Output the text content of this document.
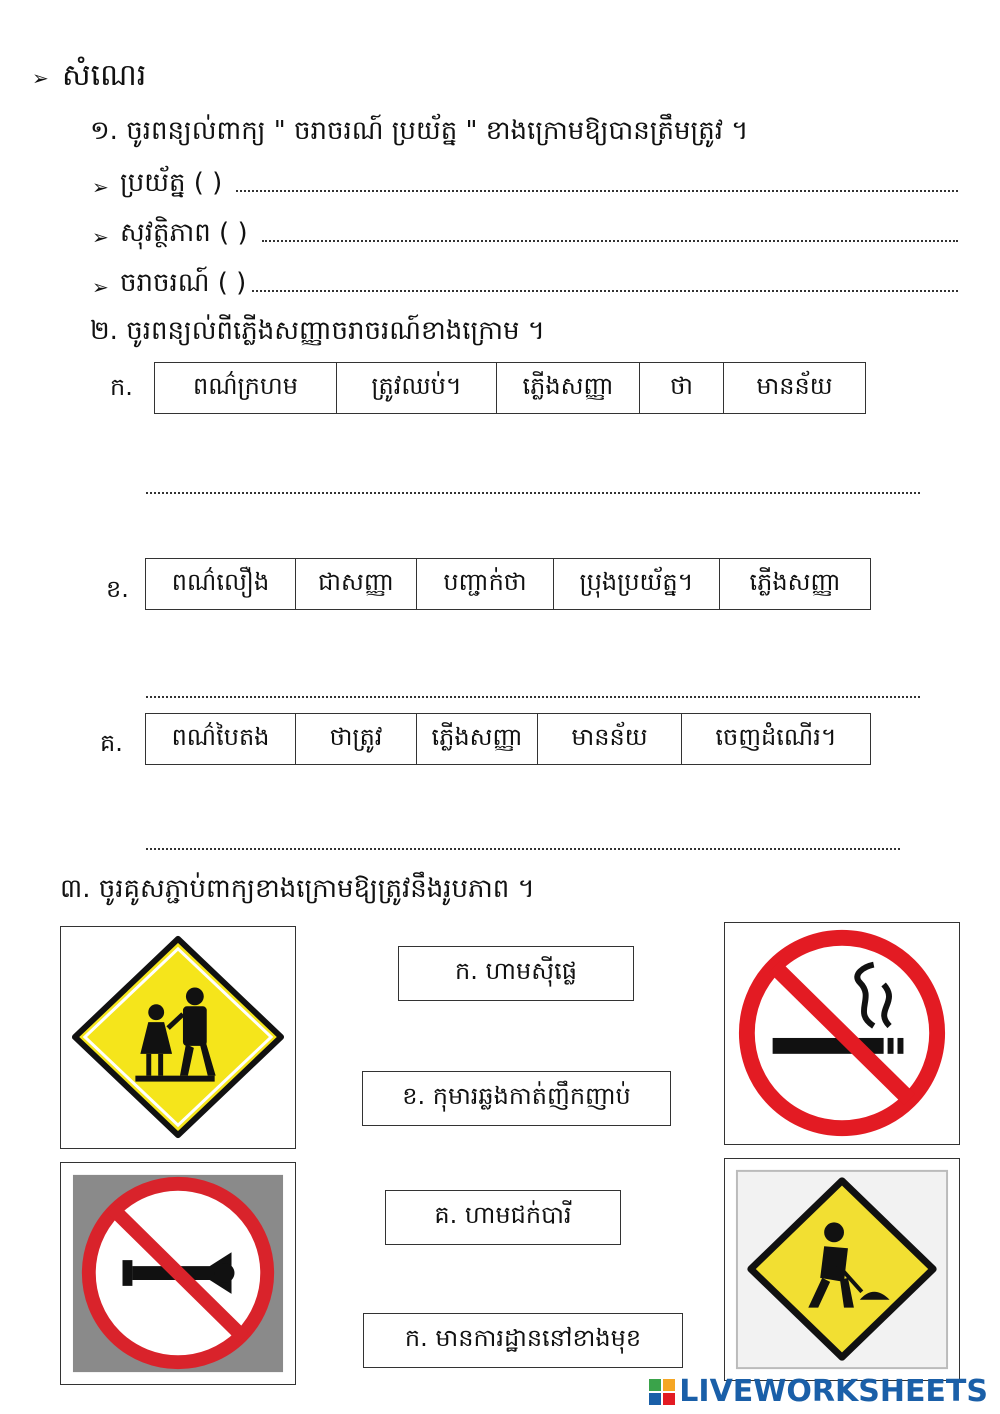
➢ សំណេរ
១. ចូរពន្យល់ពាក្យ " ចរាចរណ៍ ប្រយ័ត្ន " ខាងក្រោមឱ្យបានត្រឹមត្រូវ ។
➢ ប្រយ័ត្ន ( )
➢ សុវត្ថិភាព ( )
➢ ចរាចរណ៍ ( )
២. ចូរពន្យល់ពីភ្លើងសញ្ញាចរាចរណ៍ខាងក្រោម ។
ក.	ពណ៌ក្រហម	ត្រូវឈប់។	ភ្លើងសញ្ញា	ថា	មានន័យ
ខ.	ពណ៌លឿង	ជាសញ្ញា	បញ្ជាក់ថា	ប្រុងប្រយ័ត្ន។	ភ្លើងសញ្ញា
គ.	ពណ៌បៃតង	ថាត្រូវ	ភ្លើងសញ្ញា	មានន័យ	ចេញដំណើរ។
៣. ចូរគូសភ្ជាប់ពាក្យខាងក្រោមឱ្យត្រូវនឹងរូបភាព ។
ក. ហាមស៊ីផ្លេ
ខ. កុមារឆ្លងកាត់ញឹកញាប់
គ. ហាមជក់បារី
ក. មានការដ្ឋាននៅខាងមុខ
LIVEWORKSHEETS
